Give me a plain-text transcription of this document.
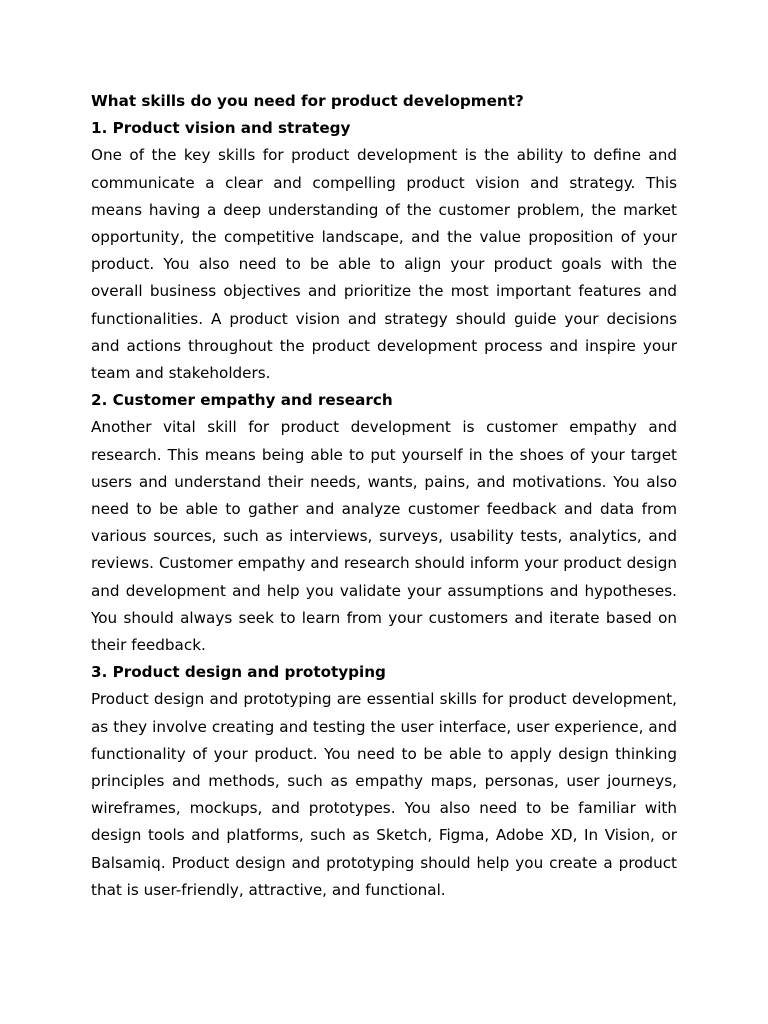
What skills do you need for product development?

1. Product vision and strategy

One of the key skills for product development is the ability to define and communicate a clear and compelling product vision and strategy. This means having a deep understanding of the customer problem, the market opportunity, the competitive landscape, and the value proposition of your product. You also need to be able to align your product goals with the overall business objectives and prioritize the most important features and functionalities. A product vision and strategy should guide your decisions and actions throughout the product development process and inspire your team and stakeholders.

2. Customer empathy and research

Another vital skill for product development is customer empathy and research. This means being able to put yourself in the shoes of your target users and understand their needs, wants, pains, and motivations. You also need to be able to gather and analyze customer feedback and data from various sources, such as interviews, surveys, usability tests, analytics, and reviews. Customer empathy and research should inform your product design and development and help you validate your assumptions and hypotheses. You should always seek to learn from your customers and iterate based on their feedback.

3. Product design and prototyping

Product design and prototyping are essential skills for product development, as they involve creating and testing the user interface, user experience, and functionality of your product. You need to be able to apply design thinking principles and methods, such as empathy maps, personas, user journeys, wireframes, mockups, and prototypes. You also need to be familiar with design tools and platforms, such as Sketch, Figma, Adobe XD, In Vision, or Balsamiq. Product design and prototyping should help you create a product that is user-friendly, attractive, and functional.
